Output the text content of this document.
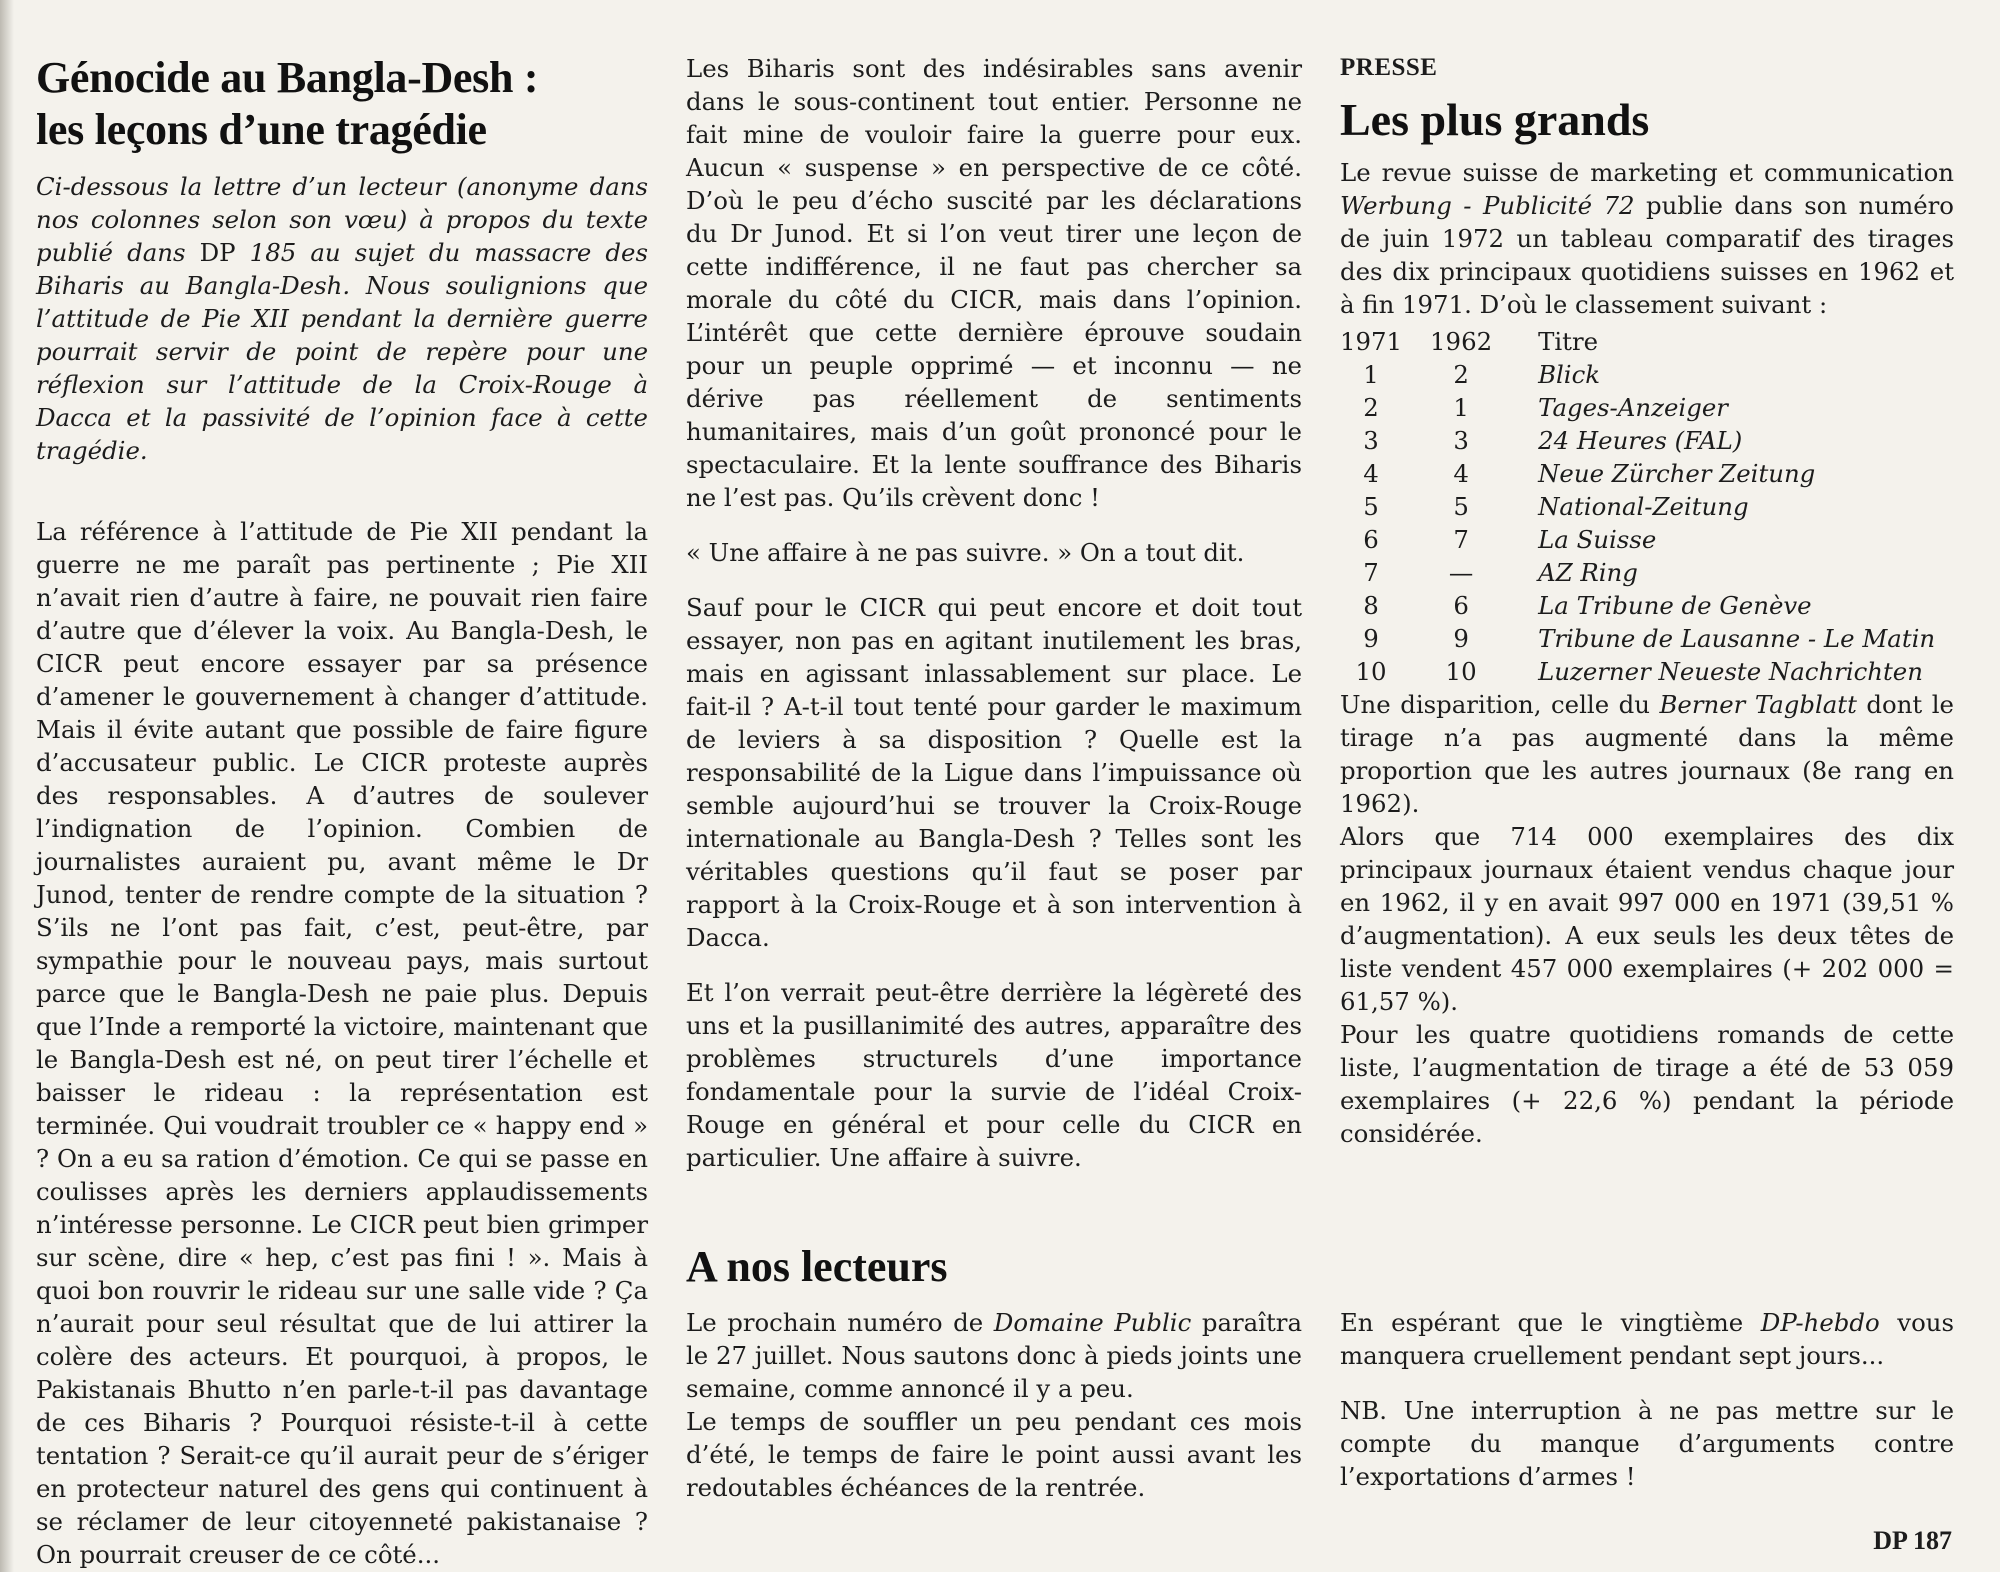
Génocide au Bangla-Desh :
les leçons d’une tragédie

Ci-dessous la lettre d’un lecteur (anonyme dans nos colonnes selon son vœu) à propos du texte publié dans DP 185 au sujet du massacre des Biharis au Bangla-Desh. Nous soulignions que l’attitude de Pie XII pendant la dernière guerre pourrait servir de point de repère pour une réflexion sur l’attitude de la Croix-Rouge à Dacca et la passivité de l’opinion face à cette tragédie.

La référence à l’attitude de Pie XII pendant la guerre ne me paraît pas pertinente ; Pie XII n’avait rien d’autre à faire, ne pouvait rien faire d’autre que d’élever la voix. Au Bangla-Desh, le CICR peut encore essayer par sa présence d’amener le gouvernement à changer d’attitude. Mais il évite autant que possible de faire figure d’accusateur public. Le CICR proteste auprès des responsables. A d’autres de soulever l’indignation de l’opinion. Combien de journalistes auraient pu, avant même le Dr Junod, tenter de rendre compte de la situation ? S’ils ne l’ont pas fait, c’est, peut-être, par sympathie pour le nouveau pays, mais surtout parce que le Bangla-Desh ne paie plus. Depuis que l’Inde a remporté la victoire, maintenant que le Bangla-Desh est né, on peut tirer l’échelle et baisser le rideau : la représentation est terminée. Qui voudrait troubler ce « happy end » ? On a eu sa ration d’émotion. Ce qui se passe en coulisses après les derniers applaudissements n’intéresse personne. Le CICR peut bien grimper sur scène, dire « hep, c’est pas fini ! ». Mais à quoi bon rouvrir le rideau sur une salle vide ? Ça n’aurait pour seul résultat que de lui attirer la colère des acteurs. Et pourquoi, à propos, le Pakistanais Bhutto n’en parle-t-il pas davantage de ces Biharis ? Pourquoi résiste-t-il à cette tentation ? Serait-ce qu’il aurait peur de s’ériger en protecteur naturel des gens qui continuent à se réclamer de leur citoyenneté pakistanaise ? On pourrait creuser de ce côté...

Les Biharis sont des indésirables sans avenir dans le sous-continent tout entier. Personne ne fait mine de vouloir faire la guerre pour eux. Aucun « suspense » en perspective de ce côté. D’où le peu d’écho suscité par les déclarations du Dr Junod. Et si l’on veut tirer une leçon de cette indifférence, il ne faut pas chercher sa morale du côté du CICR, mais dans l’opinion. L’intérêt que cette dernière éprouve soudain pour un peuple opprimé — et inconnu — ne dérive pas réellement de sentiments humanitaires, mais d’un goût prononcé pour le spectaculaire. Et la lente souffrance des Biharis ne l’est pas. Qu’ils crèvent donc !

« Une affaire à ne pas suivre. » On a tout dit.

Sauf pour le CICR qui peut encore et doit tout essayer, non pas en agitant inutilement les bras, mais en agissant inlassablement sur place. Le fait-il ? A-t-il tout tenté pour garder le maximum de leviers à sa disposition ? Quelle est la responsabilité de la Ligue dans l’impuissance où semble aujourd’hui se trouver la Croix-Rouge internationale au Bangla-Desh ? Telles sont les véritables questions qu’il faut se poser par rapport à la Croix-Rouge et à son intervention à Dacca.

Et l’on verrait peut-être derrière la légèreté des uns et la pusillanimité des autres, apparaître des problèmes structurels d’une importance fondamentale pour la survie de l’idéal Croix-Rouge en général et pour celle du CICR en particulier. Une affaire à suivre.

PRESSE
Les plus grands

Le revue suisse de marketing et communication Werbung - Publicité 72 publie dans son numéro de juin 1972 un tableau comparatif des tirages des dix principaux quotidiens suisses en 1962 et à fin 1971. D’où le classement suivant :

1971	1962	Titre
1	2	Blick
2	1	Tages-Anzeiger
3	3	24 Heures (FAL)
4	4	Neue Zürcher Zeitung
5	5	National-Zeitung
6	7	La Suisse
7	—	AZ Ring
8	6	La Tribune de Genève
9	9	Tribune de Lausanne - Le Matin
10	10	Luzerner Neueste Nachrichten

Une disparition, celle du Berner Tagblatt dont le tirage n’a pas augmenté dans la même proportion que les autres journaux (8e rang en 1962).

Alors que 714 000 exemplaires des dix principaux journaux étaient vendus chaque jour en 1962, il y en avait 997 000 en 1971 (39,51 % d’augmentation). A eux seuls les deux têtes de liste vendent 457 000 exemplaires (+ 202 000 = 61,57 %).

Pour les quatre quotidiens romands de cette liste, l’augmentation de tirage a été de 53 059 exemplaires (+ 22,6 %) pendant la période considérée.

A nos lecteurs

Le prochain numéro de Domaine Public paraîtra le 27 juillet. Nous sautons donc à pieds joints une semaine, comme annoncé il y a peu.

Le temps de souffler un peu pendant ces mois d’été, le temps de faire le point aussi avant les redoutables échéances de la rentrée.

En espérant que le vingtième DP-hebdo vous manquera cruellement pendant sept jours...

NB. Une interruption à ne pas mettre sur le compte du manque d’arguments contre l’exportations d’armes !

DP 187
